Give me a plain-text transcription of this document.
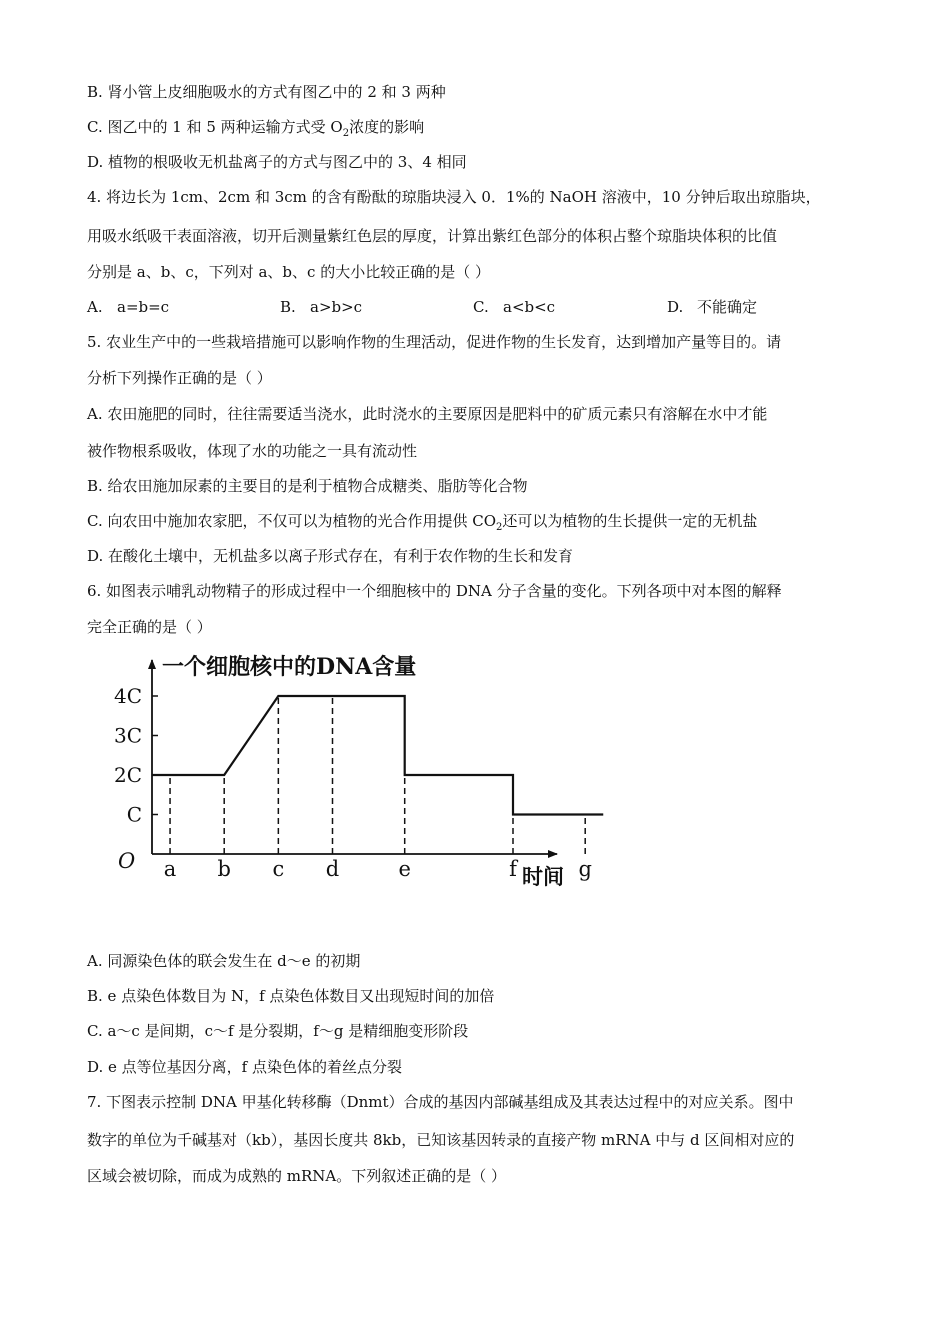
B. 肾小管上皮细胞吸水的方式有图乙中的 2 和 3 两种
C. 图乙中的 1 和 5 两种运输方式受 $O_2$浓度的影响
D. 植物的根吸收无机盐离子的方式与图乙中的 3、4 相同
4. 将边长为 1cm、2cm 和 3cm 的含有酚酞的琼脂块浸入 0．1%的 NaOH 溶液中，10 分钟后取出琼脂块，
用吸水纸吸干表面溶液，切开后测量紫红色层的厚度，计算出紫红色部分的体积占整个琼脂块体积的比值
分别是 a、b、c，下列对 a、b、c 的大小比较正确的是（ ）
A. a=b=c	B. a>b>c	C. a<b<c	D. 不能确定
5. 农业生产中的一些栽培措施可以影响作物的生理活动，促进作物的生长发育，达到增加产量等目的。请
分析下列操作正确的是（ ）
A. 农田施肥的同时，往往需要适当浇水，此时浇水的主要原因是肥料中的矿质元素只有溶解在水中才能
被作物根系吸收，体现了水的功能之一具有流动性
B. 给农田施加尿素的主要目的是利于植物合成糖类、脂肪等化合物
C. 向农田中施加农家肥，不仅可以为植物的光合作用提供 $CO_2$还可以为植物的生长提供一定的无机盐
D. 在酸化土壤中，无机盐多以离子形式存在，有利于农作物的生长和发育
6. 如图表示哺乳动物精子的形成过程中一个细胞核中的 DNA 分子含量的变化。下列各项中对本图的解释
完全正确的是（ ）
一个细胞核中的DNA含量
O
时间
C
2C
3C
4C
a b c d	e	f	g
A. 同源染色体的联会发生在 d～e 的初期
B. e 点染色体数目为 N，f 点染色体数目又出现短时间的加倍
C. a～c 是间期，c～f 是分裂期，f～g 是精细胞变形阶段
D. e 点等位基因分离，f 点染色体的着丝点分裂
7. 下图表示控制 DNA 甲基化转移酶（Dnmt）合成的基因内部碱基组成及其表达过程中的对应关系。图中
数字的单位为千碱基对（kb），基因长度共 8kb，已知该基因转录的直接产物 mRNA 中与 d 区间相对应的
区域会被切除，而成为成熟的 mRNA。下列叙述正确的是（ ）
